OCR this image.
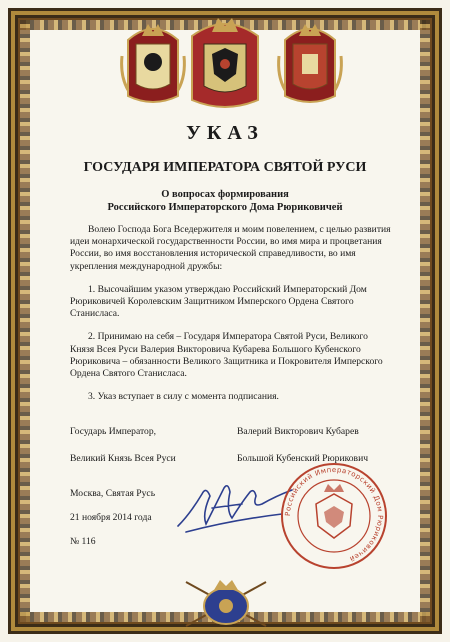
УКАЗ
ГОСУДАРЯ ИМПЕРАТОРА СВЯТОЙ РУСИ
О вопросах формирования
Российского Императорского Дома Рюриковичей

Волею Господа Бога Вседержителя и моим повелением, с целью развития
идеи монархической государственности России, во имя мира и процветания
России, во имя восстановления исторической справедливости, во имя
укрепления международной дружбы:

1. Высочайшим указом утверждаю Российский Императорский Дом
Рюриковичей Королевским Защитником Имперского Ордена Святого
Станисласа.

2. Принимаю на себя – Государя Императора Святой Руси, Великого
Князя Всея Руси Валерия Викторовича Кубарева Большого Кубенского
Рюриковича – обязанности Великого Защитника и Покровителя Имперского
Ордена Святого Станисласа.

3. Указ вступает в силу с момента подписания.

Государь Император,
Великий Князь Всея Руси
Валерий Викторович Кубарев
Большой Кубенский Рюрикович
Москва, Святая Русь
21 ноября 2014 года
№ 116
Российский Императорский Дом Рюриковичей
